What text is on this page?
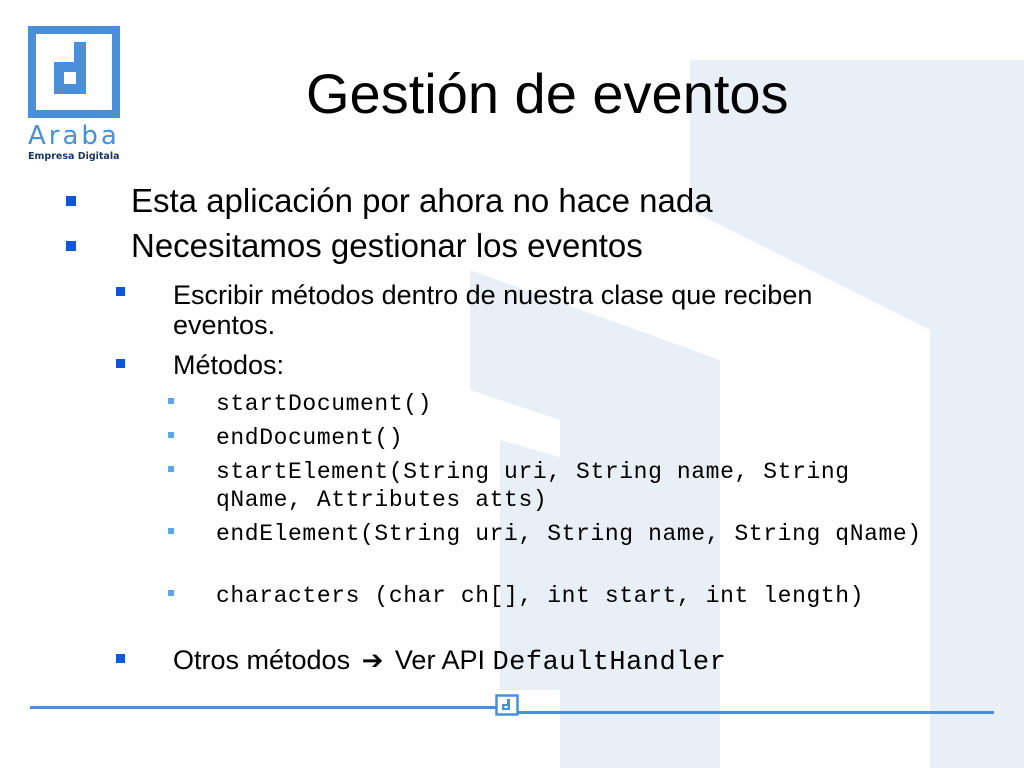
Araba
Empresa Digitala
Gestión de eventos
Esta aplicación por ahora no hace nada
Necesitamos gestionar los eventos
Escribir métodos dentro de nuestra clase que reciben eventos.
Métodos:
startDocument()
endDocument()
startElement(String uri, String name, String qName, Attributes atts)
endElement(String uri, String name, String qName)
characters (char ch[], int start, int length)
Otros métodos ➔ Ver API DefaultHandler
